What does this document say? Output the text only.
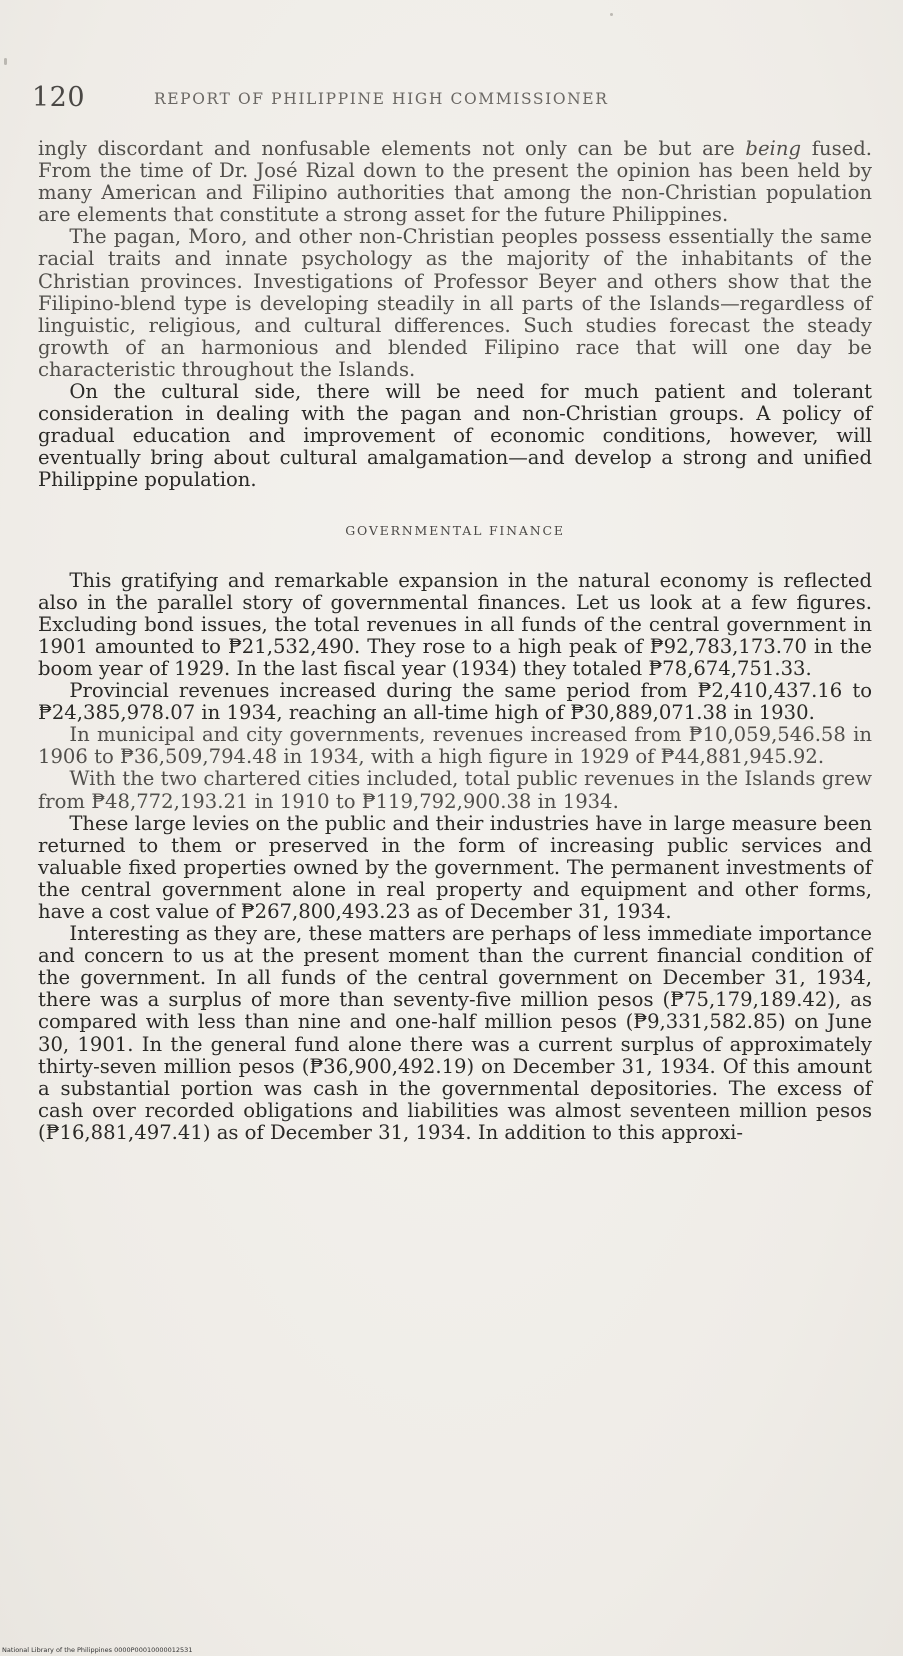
120	REPORT OF PHILIPPINE HIGH COMMISSIONER

ingly discordant and nonfusable elements not only can be but are being fused. From the time of Dr. José Rizal down to the present the opinion has been held by many American and Filipino authorities that among the non-Christian population are elements that constitute a strong asset for the future Philippines.

The pagan, Moro, and other non-Christian peoples possess essentially the same racial traits and innate psychology as the majority of the inhabitants of the Christian provinces. Investigations of Professor Beyer and others show that the Filipino-blend type is developing steadily in all parts of the Islands—regardless of linguistic, religious, and cultural differences. Such studies forecast the steady growth of an harmonious and blended Filipino race that will one day be characteristic throughout the Islands.

On the cultural side, there will be need for much patient and tolerant consideration in dealing with the pagan and non-Christian groups. A policy of gradual education and improvement of economic conditions, however, will eventually bring about cultural amalgamation—and develop a strong and unified Philippine population.

GOVERNMENTAL FINANCE

This gratifying and remarkable expansion in the natural economy is reflected also in the parallel story of governmental finances. Let us look at a few figures. Excluding bond issues, the total revenues in all funds of the central government in 1901 amounted to ₱21,532,490. They rose to a high peak of ₱92,783,173.70 in the boom year of 1929. In the last fiscal year (1934) they totaled ₱78,674,751.33.

Provincial revenues increased during the same period from ₱2,410,437.16 to ₱24,385,978.07 in 1934, reaching an all-time high of ₱30,889,071.38 in 1930.

In municipal and city governments, revenues increased from ₱10,059,546.58 in 1906 to ₱36,509,794.48 in 1934, with a high figure in 1929 of ₱44,881,945.92.

With the two chartered cities included, total public revenues in the Islands grew from ₱48,772,193.21 in 1910 to ₱119,792,900.38 in 1934.

These large levies on the public and their industries have in large measure been returned to them or preserved in the form of increasing public services and valuable fixed properties owned by the government. The permanent investments of the central government alone in real property and equipment and other forms, have a cost value of ₱267,800,493.23 as of December 31, 1934.

Interesting as they are, these matters are perhaps of less immediate importance and concern to us at the present moment than the current financial condition of the government. In all funds of the central government on December 31, 1934, there was a surplus of more than seventy-five million pesos (₱75,179,189.42), as compared with less than nine and one-half million pesos (₱9,331,582.85) on June 30, 1901. In the general fund alone there was a current surplus of approximately thirty-seven million pesos (₱36,900,492.19) on December 31, 1934. Of this amount a substantial portion was cash in the governmental depositories. The excess of cash over recorded obligations and liabilities was almost seventeen million pesos (₱16,881,497.41) as of December 31, 1934. In addition to this approxi-

National Library of the Philippines 0000P00010000012531
